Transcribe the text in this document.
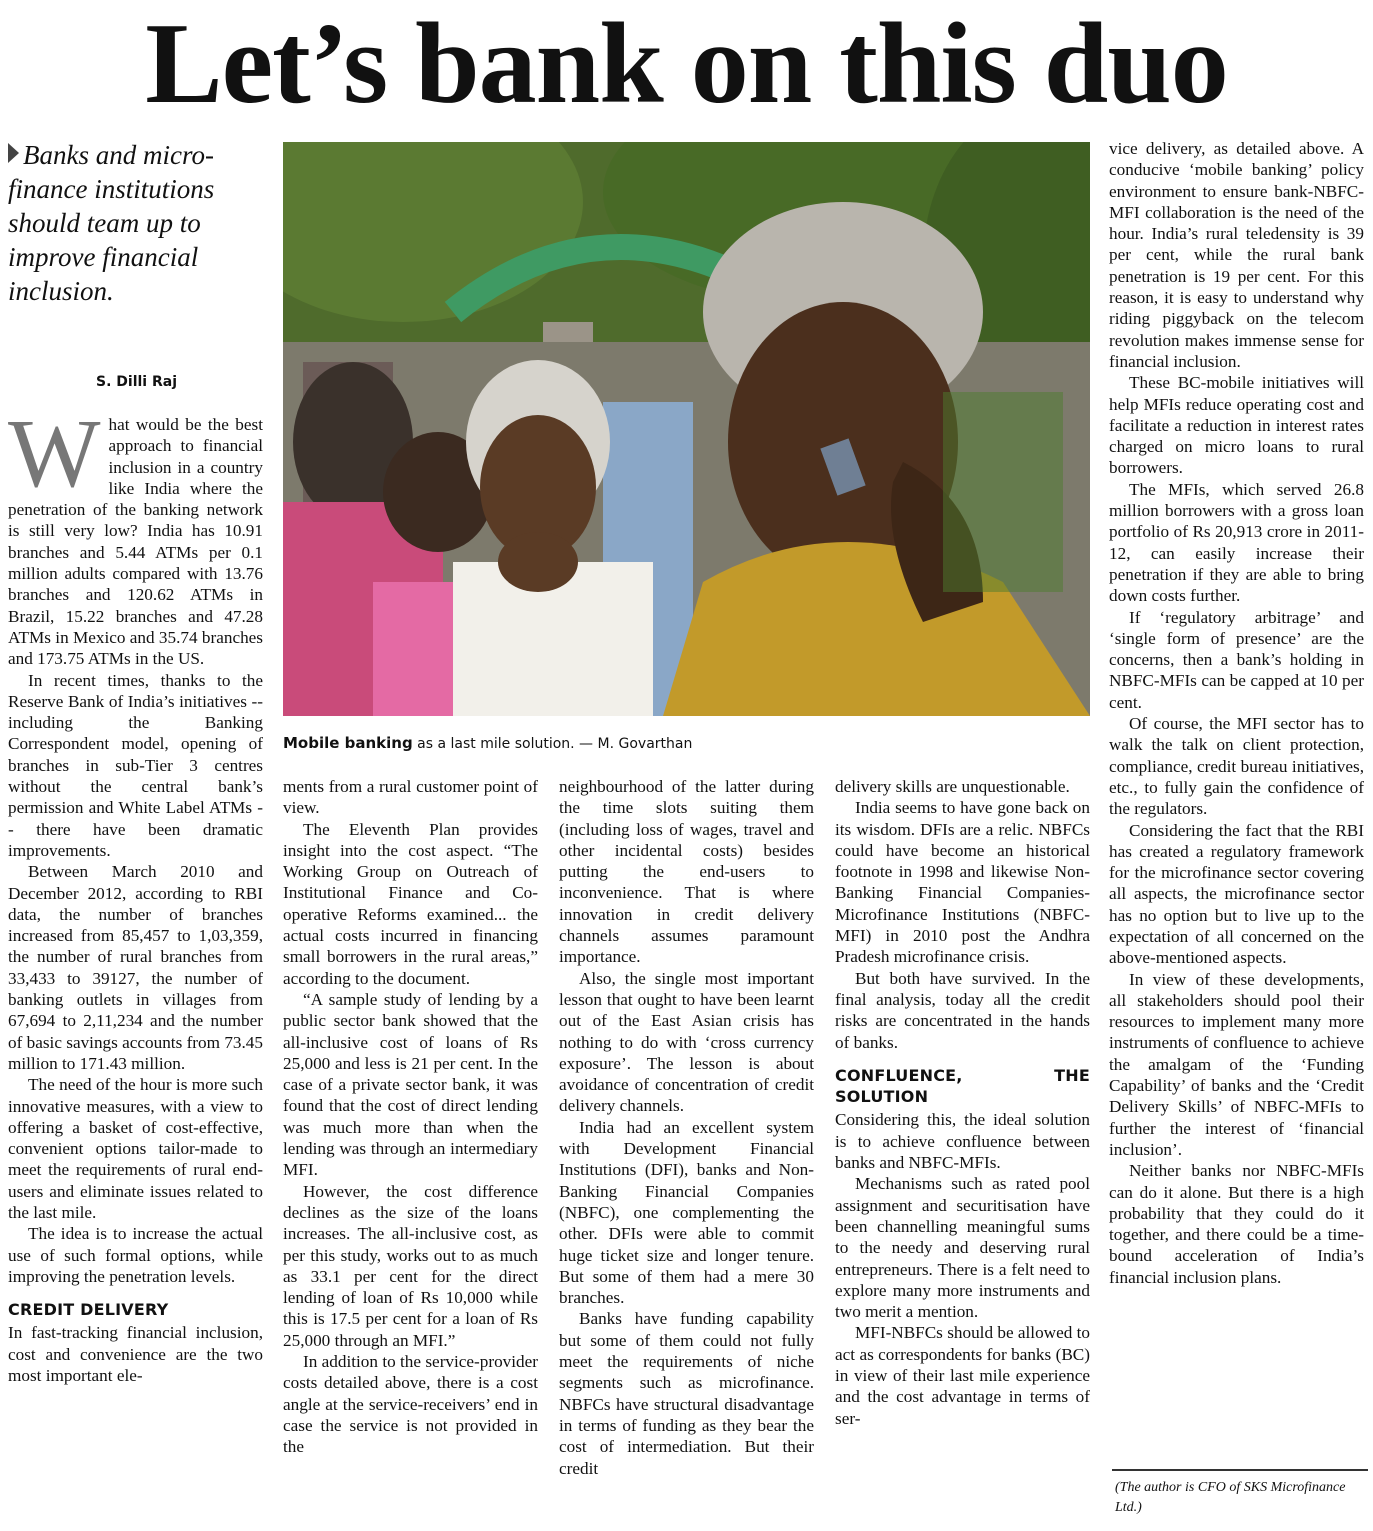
Let’s bank on this duo
Banks and micro-finance institutions should team up to improve financial inclusion.
S. Dilli Raj
Mobile banking as a last mile solution. — M. Govarthan
W hat would be the best approach to financial inclusion in a country like India where the penetration of the banking network is still very low? India has 10.91 branches and 5.44 ATMs per 0.1 million adults compared with 13.76 branches and 120.62 ATMs in Brazil, 15.22 branches and 47.28 ATMs in Mexico and 35.74 branches and 173.75 ATMs in the US.

In recent times, thanks to the Reserve Bank of India’s initiatives -- including the Banking Correspondent model, opening of branches in sub-Tier 3 centres without the central bank’s permission and White Label ATMs -- there have been dramatic improvements.

Between March 2010 and December 2012, according to RBI data, the number of branches increased from 85,457 to 1,03,359, the number of rural branches from 33,433 to 39127, the number of banking outlets in villages from 67,694 to 2,11,234 and the number of basic savings accounts from 73.45 million to 171.43 million.

The need of the hour is more such innovative measures, with a view to offering a basket of cost-effective, convenient options tailor-made to meet the requirements of rural end-users and eliminate issues related to the last mile.

The idea is to increase the actual use of such formal options, while improving the penetration levels.

CREDIT DELIVERY

In fast-tracking financial inclusion, cost and convenience are the two most important ele-

ments from a rural customer point of view.

The Eleventh Plan provides insight into the cost aspect. “The Working Group on Outreach of Institutional Finance and Co-operative Reforms examined... the actual costs incurred in financing small borrowers in the rural areas,” according to the document.

“A sample study of lending by a public sector bank showed that the all-inclusive cost of loans of Rs 25,000 and less is 21 per cent. In the case of a private sector bank, it was found that the cost of direct lending was much more than when the lending was through an intermediary MFI.

However, the cost difference declines as the size of the loans increases. The all-inclusive cost, as per this study, works out to as much as 33.1 per cent for the direct lending of loan of Rs 10,000 while this is 17.5 per cent for a loan of Rs 25,000 through an MFI.”

In addition to the service-provider costs detailed above, there is a cost angle at the service-receivers’ end in case the service is not provided in the

neighbourhood of the latter during the time slots suiting them (including loss of wages, travel and other incidental costs) besides putting the end-users to inconvenience. That is where innovation in credit delivery channels assumes paramount importance.

Also, the single most important lesson that ought to have been learnt out of the East Asian crisis has nothing to do with ‘cross currency exposure’. The lesson is about avoidance of concentration of credit delivery channels.

India had an excellent system with Development Financial Institutions (DFI), banks and Non-Banking Financial Companies (NBFC), one complementing the other. DFIs were able to commit huge ticket size and longer tenure. But some of them had a mere 30 branches.

Banks have funding capability but some of them could not fully meet the requirements of niche segments such as microfinance. NBFCs have structural disadvantage in terms of funding as they bear the cost of intermediation. But their credit

delivery skills are unquestionable.

India seems to have gone back on its wisdom. DFIs are a relic. NBFCs could have become an historical footnote in 1998 and likewise Non-Banking Financial Companies-Microfinance Institutions (NBFC-MFI) in 2010 post the Andhra Pradesh microfinance crisis.

But both have survived. In the final analysis, today all the credit risks are concentrated in the hands of banks.

CONFLUENCE, THE SOLUTION

Considering this, the ideal solution is to achieve confluence between banks and NBFC-MFIs.

Mechanisms such as rated pool assignment and securitisation have been channelling meaningful sums to the needy and deserving rural entrepreneurs. There is a felt need to explore many more instruments and two merit a mention.

MFI-NBFCs should be allowed to act as correspondents for banks (BC) in view of their last mile experience and the cost advantage in terms of ser-

vice delivery, as detailed above. A conducive ‘mobile banking’ policy environment to ensure bank-NBFC-MFI collaboration is the need of the hour. India’s rural teledensity is 39 per cent, while the rural bank penetration is 19 per cent. For this reason, it is easy to understand why riding piggyback on the telecom revolution makes immense sense for financial inclusion.

These BC-mobile initiatives will help MFIs reduce operating cost and facilitate a reduction in interest rates charged on micro loans to rural borrowers.

The MFIs, which served 26.8 million borrowers with a gross loan portfolio of Rs 20,913 crore in 2011-12, can easily increase their penetration if they are able to bring down costs further.

If ‘regulatory arbitrage’ and ‘single form of presence’ are the concerns, then a bank’s holding in NBFC-MFIs can be capped at 10 per cent.

Of course, the MFI sector has to walk the talk on client protection, compliance, credit bureau initiatives, etc., to fully gain the confidence of the regulators.

Considering the fact that the RBI has created a regulatory framework for the microfinance sector covering all aspects, the microfinance sector has no option but to live up to the expectation of all concerned on the above-mentioned aspects.

In view of these developments, all stakeholders should pool their resources to implement many more instruments of confluence to achieve the amalgam of the ‘Funding Capability’ of banks and the ‘Credit Delivery Skills’ of NBFC-MFIs to further the interest of ‘financial inclusion’.

Neither banks nor NBFC-MFIs can do it alone. But there is a high probability that they could do it together, and there could be a time-bound acceleration of India’s financial inclusion plans.

(The author is CFO of SKS Microfinance Ltd.)
